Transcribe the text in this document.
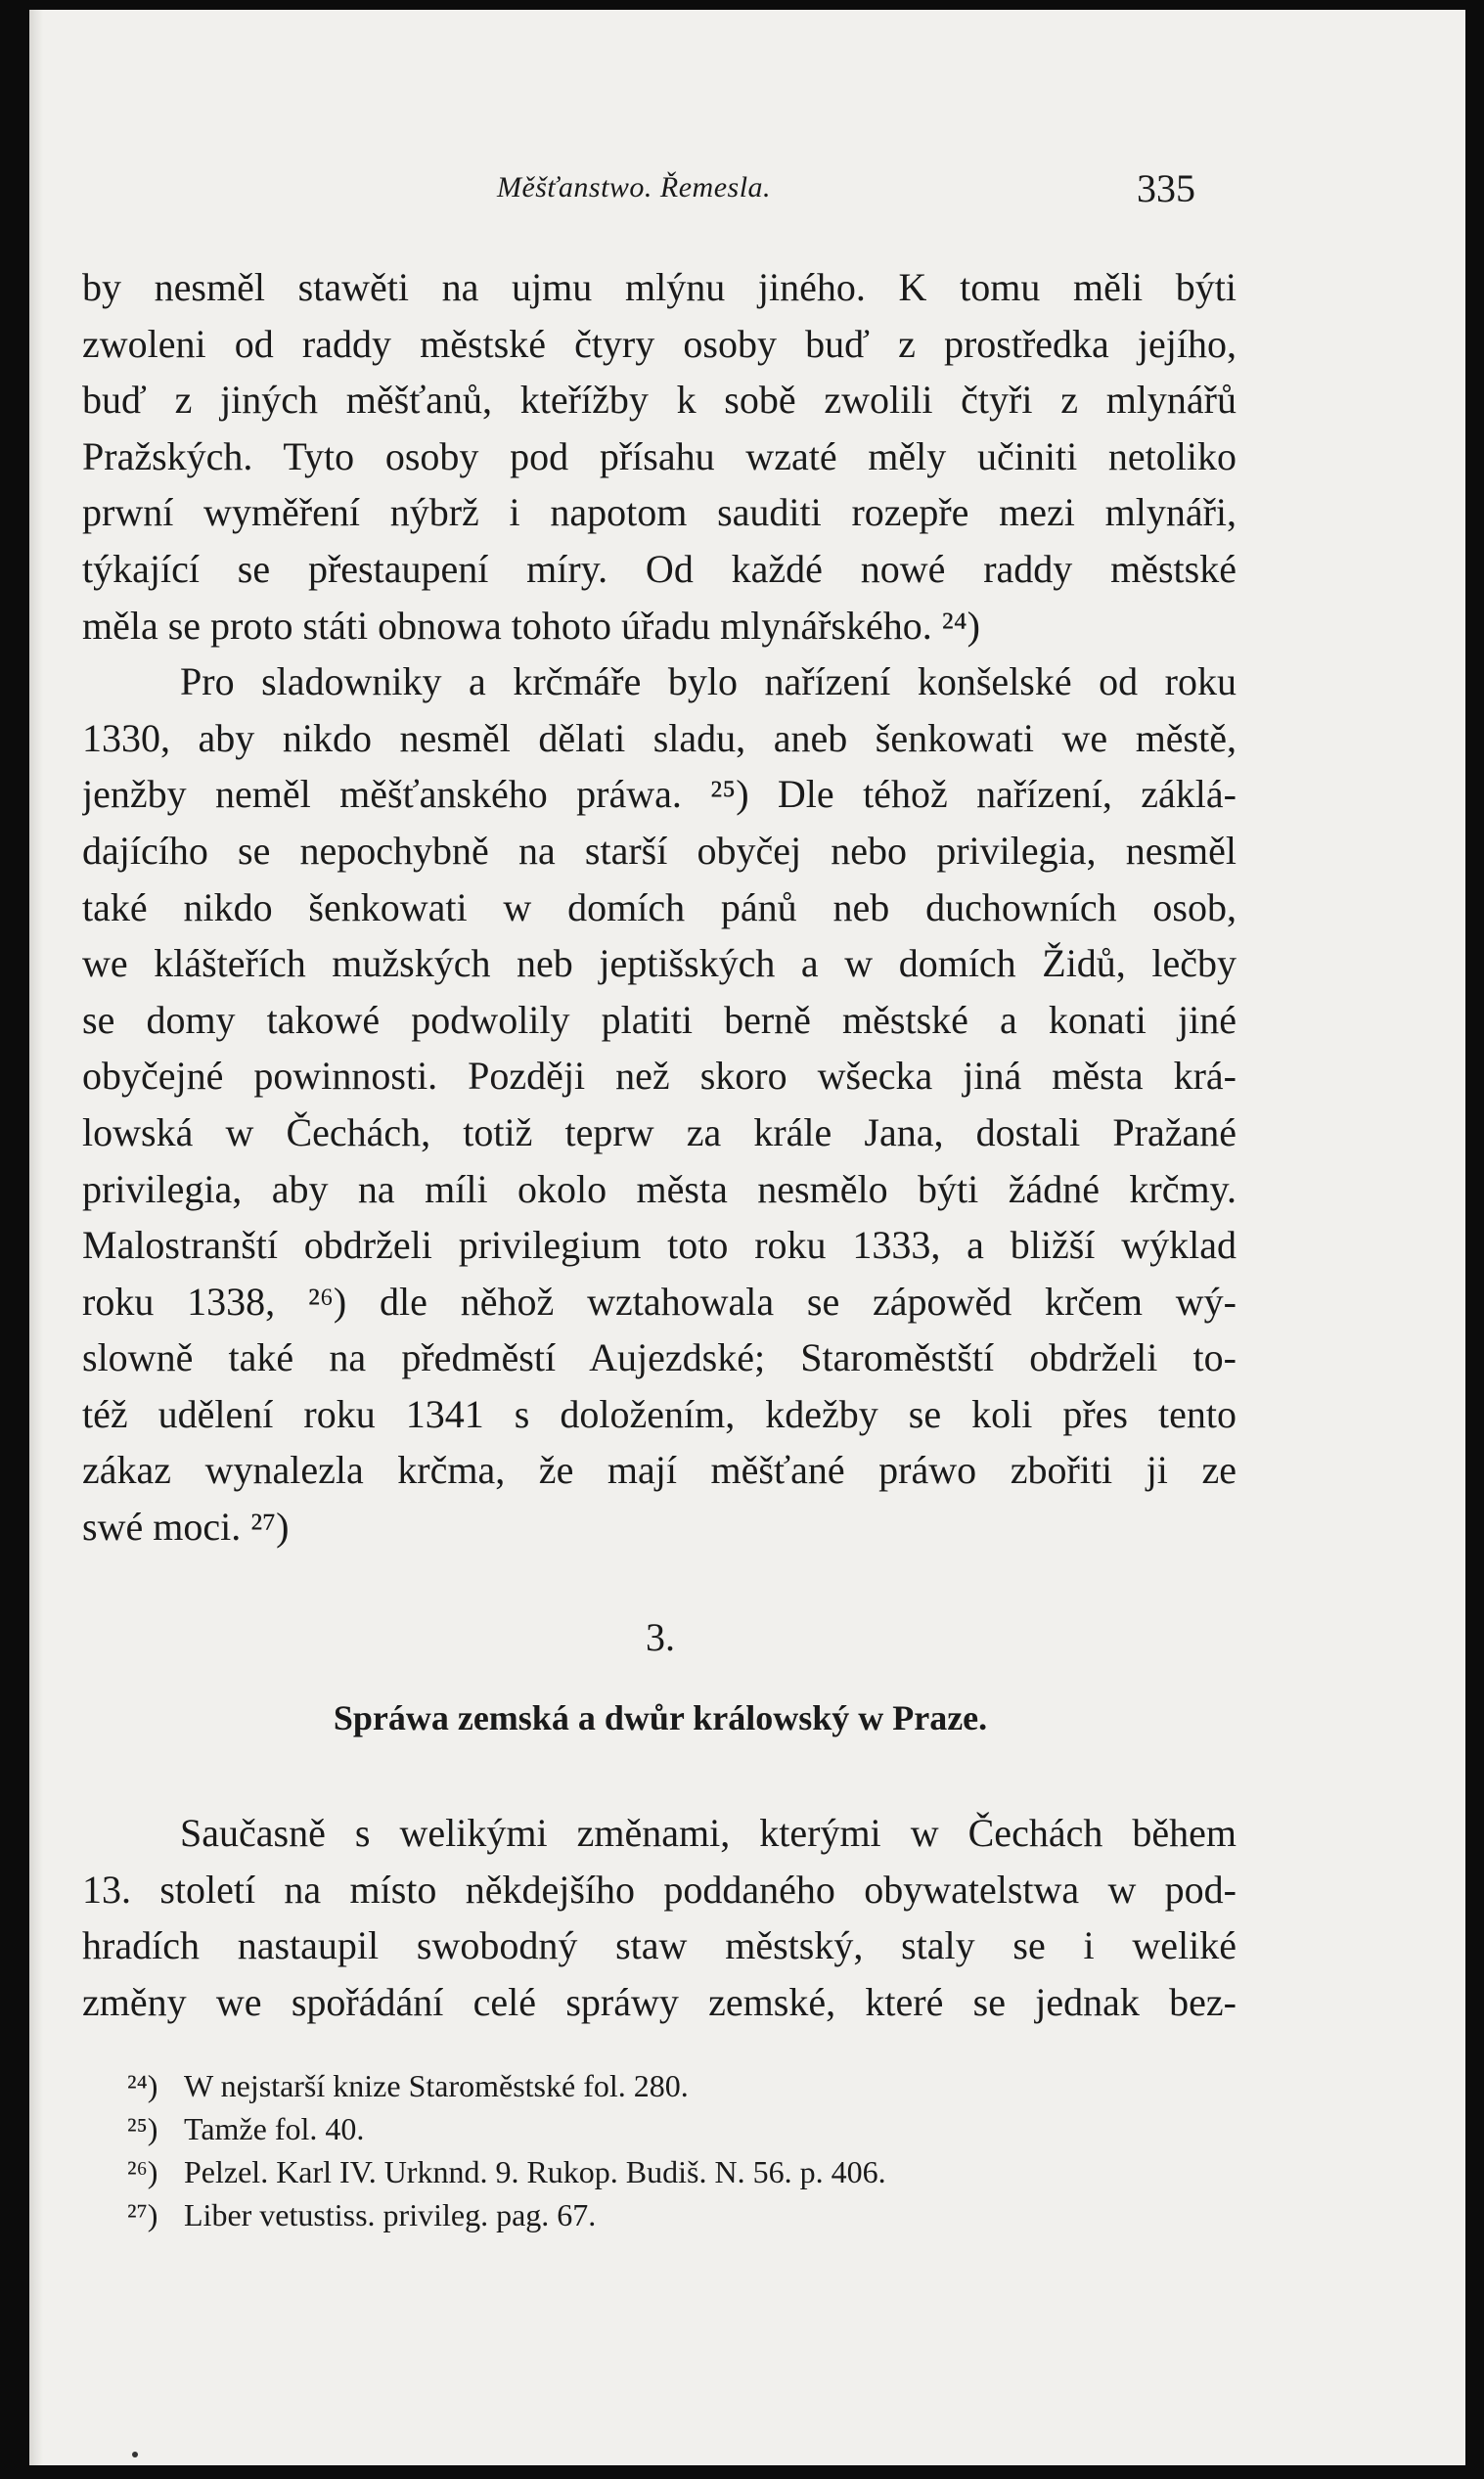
Měšťanstwo. Řemesla.	335
by nesměl stawěti na ujmu mlýnu jiného. K tomu měli býti
zwoleni od raddy městské čtyry osoby buď z prostředka jejího,
buď z jiných měšťanů, kteřížby k sobě zwolili čtyři z mlynářů
Pražských. Tyto osoby pod přísahu wzaté měly učiniti netoliko
prwní wyměření nýbrž i napotom sauditi rozepře mezi mlynáři,
týkající se přestaupení míry. Od každé nowé raddy městské
měla se proto státi obnowa tohoto úřadu mlynářského. ²⁴)
Pro sladowniky a krčmáře bylo nařízení konšelské od roku
1330, aby nikdo nesměl dělati sladu, aneb šenkowati we městě,
jenžby neměl měšťanského práwa. ²⁵) Dle téhož nařízení, záklá-
dajícího se nepochybně na starší obyčej nebo privilegia, nesměl
také nikdo šenkowati w domích pánů neb duchowních osob,
we klášteřích mužských neb jeptišských a w domích Židů, lečby
se domy takowé podwolily platiti berně městské a konati jiné
obyčejné powinnosti. Později než skoro wšecka jiná města krá-
lowská w Čechách, totiž teprw za krále Jana, dostali Pražané
privilegia, aby na míli okolo města nesmělo býti žádné krčmy.
Malostranští obdrželi privilegium toto roku 1333, a bližší wýklad
roku 1338, ²⁶) dle něhož wztahowala se zápowěd krčem wý-
slowně také na předměstí Aujezdské; Staroměstští obdrželi to-
též udělení roku 1341 s doložením, kdežby se koli přes tento
zákaz wynalezla krčma, že mají měšťané práwo zbořiti ji ze
swé moci. ²⁷)
3.
Spráwa zemská a dwůr králowský w Praze.
Saučasně s welikými změnami, kterými w Čechách během
13. století na místo někdejšího poddaného obywatelstwa w pod-
hradích nastaupil swobodný staw městský, staly se i weliké
změny we spořádání celé spráwy zemské, které se jednak bez-
²⁴) W nejstarší knize Staroměstské fol. 280.
²⁵) Tamže fol. 40.
²⁶) Pelzel. Karl IV. Urknnd. 9. Rukop. Budiš. N. 56. p. 406.
²⁷) Liber vetustiss. privileg. pag. 67.
